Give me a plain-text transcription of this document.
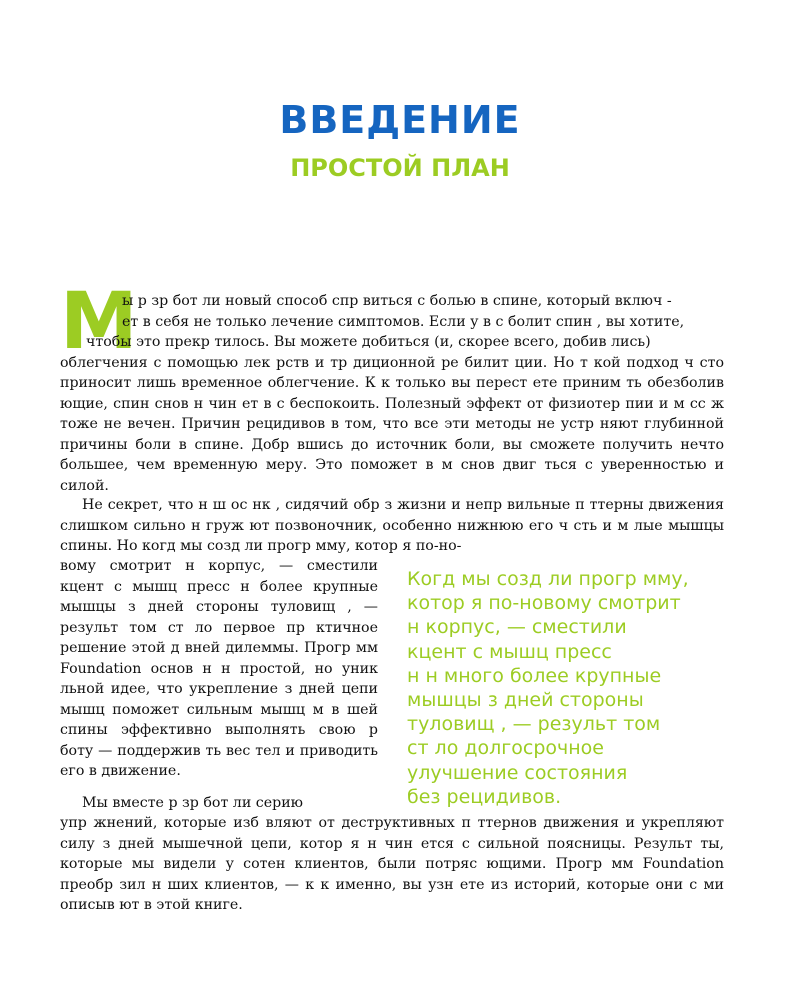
ВВЕДЕНИЕ
ПРОСТОЙ ПЛАН
М
ы р зр бот ли новый способ спр виться с болью в спине, который включ -
ет в себя не только лечение симптомов. Если у в с болит спин , вы хотите,
чтобы это прекр тилось. Вы можете добиться (и, скорее всего, добив лись)
облегчения с помощью лек рств и тр диционной ре билит ции. Но т кой подход ч сто приносит лишь временное облегчение. К к только вы перест ете приним ть обезболив ющие, спин снов н чин ет в с беспокоить. Полезный эффект от физиотер пии и м сс ж тоже не вечен. Причин рецидивов в том, что все эти методы не устр няют глубинной причины боли в спине. Добр вшись до источник боли, вы сможете получить нечто большее, чем временную меру. Это поможет в м снов двиг ться с уверенностью и силой.

Не секрет, что н ш ос нк , сидячий обр з жизни и непр вильные п ттерны движения слишком сильно н груж ют позвоночник, особенно нижнюю его ч сть и м лые мышцы спины. Но когд мы созд ли прогр мму, котор я по-но-

вому смотрит н корпус, — сместили кцент с мышц пресс н более крупные мышцы з дней стороны туловищ , — результ том ст ло первое пр ктичное решение этой д вней дилеммы. Прогр мм Foundation основ н н простой, но уник льной идее, что укрепление з дней цепи мышц поможет сильным мышц м в шей спины эффективно выполнять свою р боту — поддержив ть вес тел и приводить его в движение.

Мы вместе р зр бот ли серию

упр жнений, которые изб вляют от деструктивных п ттернов движения и укрепляют силу з дней мышечной цепи, котор я н чин ется с сильной поясницы. Результ ты, которые мы видели у сотен клиентов, были потряс ющими. Прогр мм Foundation преобр зил н ших клиентов, — к к именно, вы узн ете из историй, которые они с ми описыв ют в этой книге.

Когд мы созд ли прогр мму,
котор я по-новому смотрит
н корпус, — сместили
кцент с мышц пресс
н н много более крупные
мышцы з дней стороны
туловищ , — результ том
ст ло долгосрочное
улучшение состояния
без рецидивов.
